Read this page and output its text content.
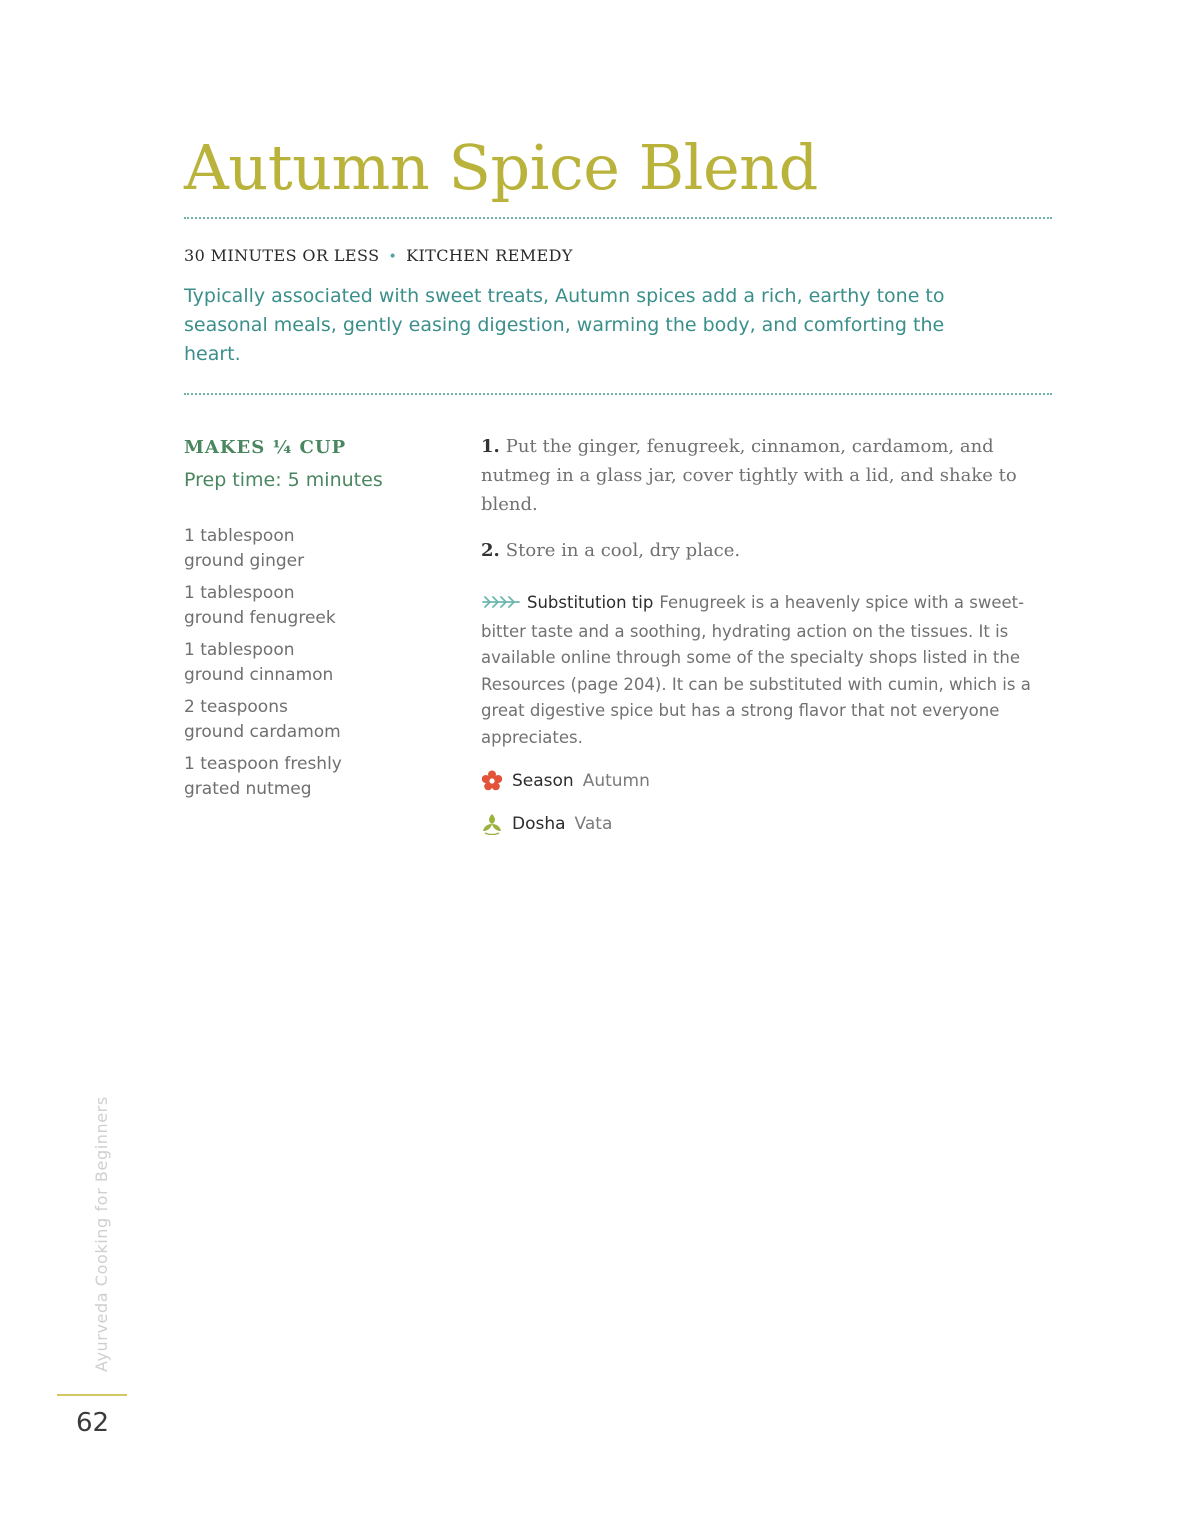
Autumn Spice Blend
30 MINUTES OR LESS • KITCHEN REMEDY

Typically associated with sweet treats, Autumn spices add a rich, earthy tone to seasonal meals, gently easing digestion, warming the body, and comforting the heart.

MAKES ¼ CUP

Prep time: 5 minutes

1 tablespoon
ground ginger
1 tablespoon
ground fenugreek
1 tablespoon
ground cinnamon
2 teaspoons
ground cardamom
1 teaspoon freshly
grated nutmeg
1. Put the ginger, fenugreek, cinnamon, cardamom, and nutmeg in a glass jar, cover tightly with a lid, and shake to blend.
2. Store in a cool, dry place.

Substitution tip Fenugreek is a heavenly spice with a sweet-bitter taste and a soothing, hydrating action on the tissues. It is available online through some of the specialty shops listed in the Resources (page 204). It can be substituted with cumin, which is a great digestive spice but has a strong flavor that not everyone appreciates.

Season Autumn
Dosha Vata
Ayurveda Cooking for Beginners
62
